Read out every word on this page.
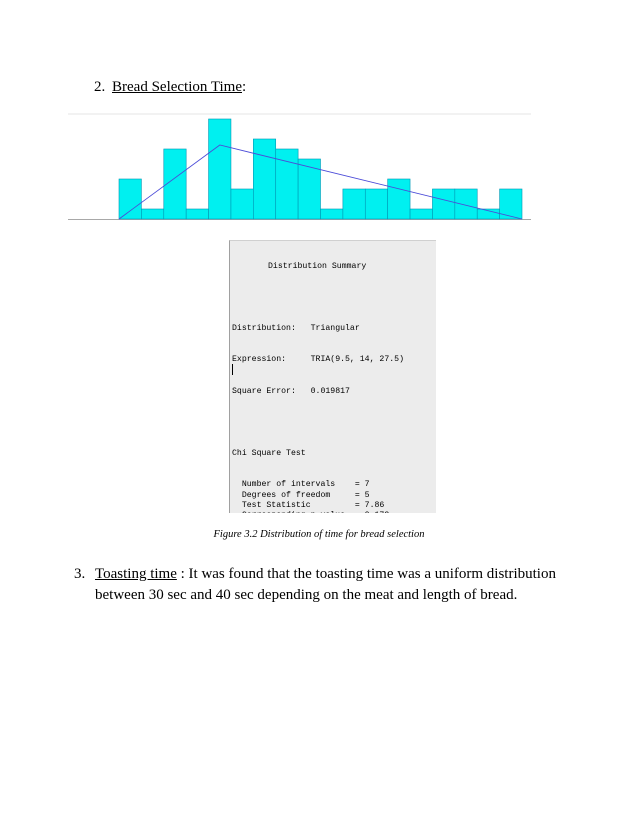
2. Bread Selection Time:

Distribution Summary

Distribution: Triangular

Expression:	TRIA(9.5, 14, 27.5)

Square Error: 0.019817

Chi Square Test

Number of intervals = 7
Degrees of freedom	= 5
Test Statistic	= 7.86

Figure 3.2 Distribution of time for bread selection
3. Toasting time : It was found that the toasting time was a uniform distribution between 30 sec and 40 sec depending on the meat and length of bread.
